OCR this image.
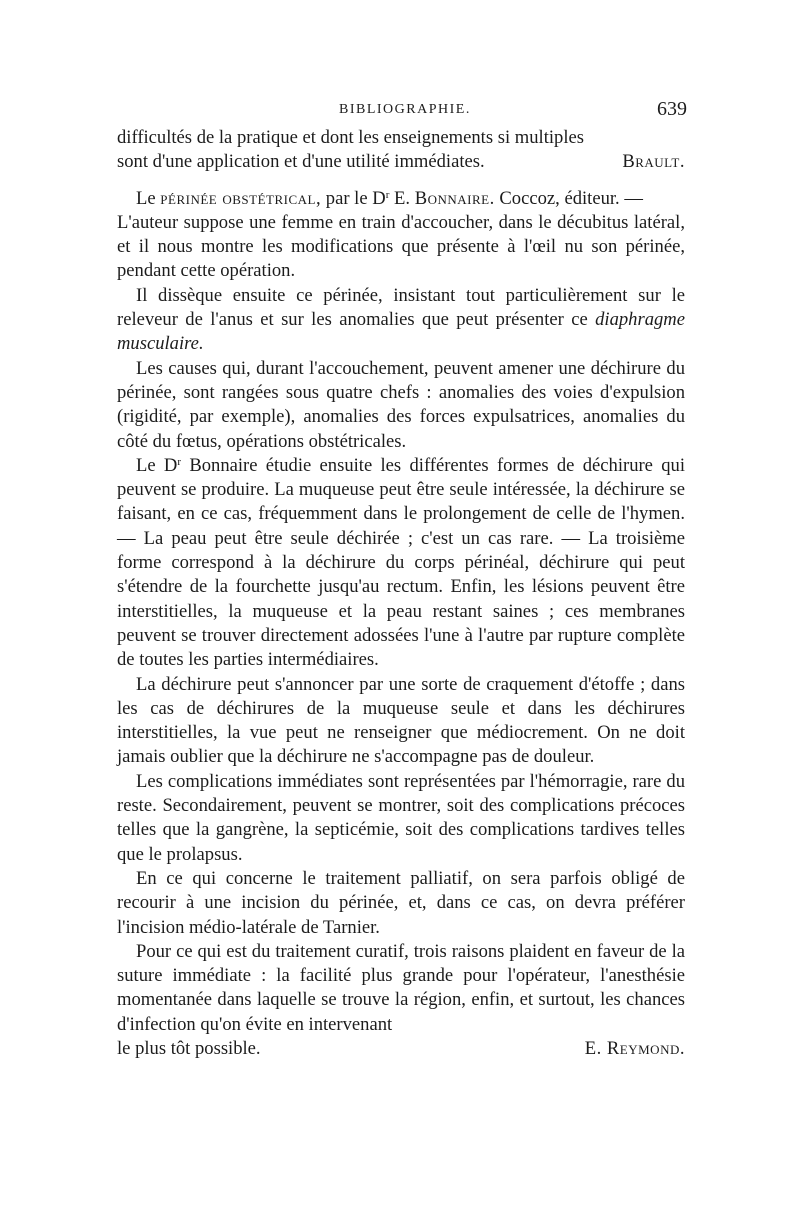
BIBLIOGRAPHIE.	639

difficultés de la pratique et dont les enseignements si multiples

sont d'une application et d'une utilité immédiates.	Brault.

Le périnée obstétrical, par le $D^r$ E. Bonnaire. Coccoz, éditeur. —

L'auteur suppose une femme en train d'accoucher, dans le décubitus latéral, et il nous montre les modifications que présente à l'œil nu son périnée, pendant cette opération.

Il dissèque ensuite ce périnée, insistant tout particulièrement sur le releveur de l'anus et sur les anomalies que peut présenter ce diaphragme musculaire.

Les causes qui, durant l'accouchement, peuvent amener une déchirure du périnée, sont rangées sous quatre chefs : anomalies des voies d'expulsion (rigidité, par exemple), anomalies des forces expulsatrices, anomalies du côté du fœtus, opérations obstétricales.

Le $D^r$ Bonnaire étudie ensuite les différentes formes de déchirure qui peuvent se produire. La muqueuse peut être seule intéressée, la déchirure se faisant, en ce cas, fréquemment dans le prolongement de celle de l'hymen. — La peau peut être seule déchirée ; c'est un cas rare. — La troisième forme correspond à la déchirure du corps périnéal, déchirure qui peut s'étendre de la fourchette jusqu'au rectum. Enfin, les lésions peuvent être interstitielles, la muqueuse et la peau restant saines ; ces membranes peuvent se trouver directement adossées l'une à l'autre par rupture complète de toutes les parties intermédiaires.

La déchirure peut s'annoncer par une sorte de craquement d'étoffe ; dans les cas de déchirures de la muqueuse seule et dans les déchirures interstitielles, la vue peut ne renseigner que médiocrement. On ne doit jamais oublier que la déchirure ne s'accompagne pas de douleur.

Les complications immédiates sont représentées par l'hémorragie, rare du reste. Secondairement, peuvent se montrer, soit des complications précoces telles que la gangrène, la septicémie, soit des complications tardives telles que le prolapsus.

En ce qui concerne le traitement palliatif, on sera parfois obligé de recourir à une incision du périnée, et, dans ce cas, on devra préférer l'incision médio-latérale de Tarnier.

Pour ce qui est du traitement curatif, trois raisons plaident en faveur de la suture immédiate : la facilité plus grande pour l'opérateur, l'anesthésie momentanée dans laquelle se trouve la région, enfin, et surtout, les chances d'infection qu'on évite en intervenant

le plus tôt possible.	E. Reymond.
